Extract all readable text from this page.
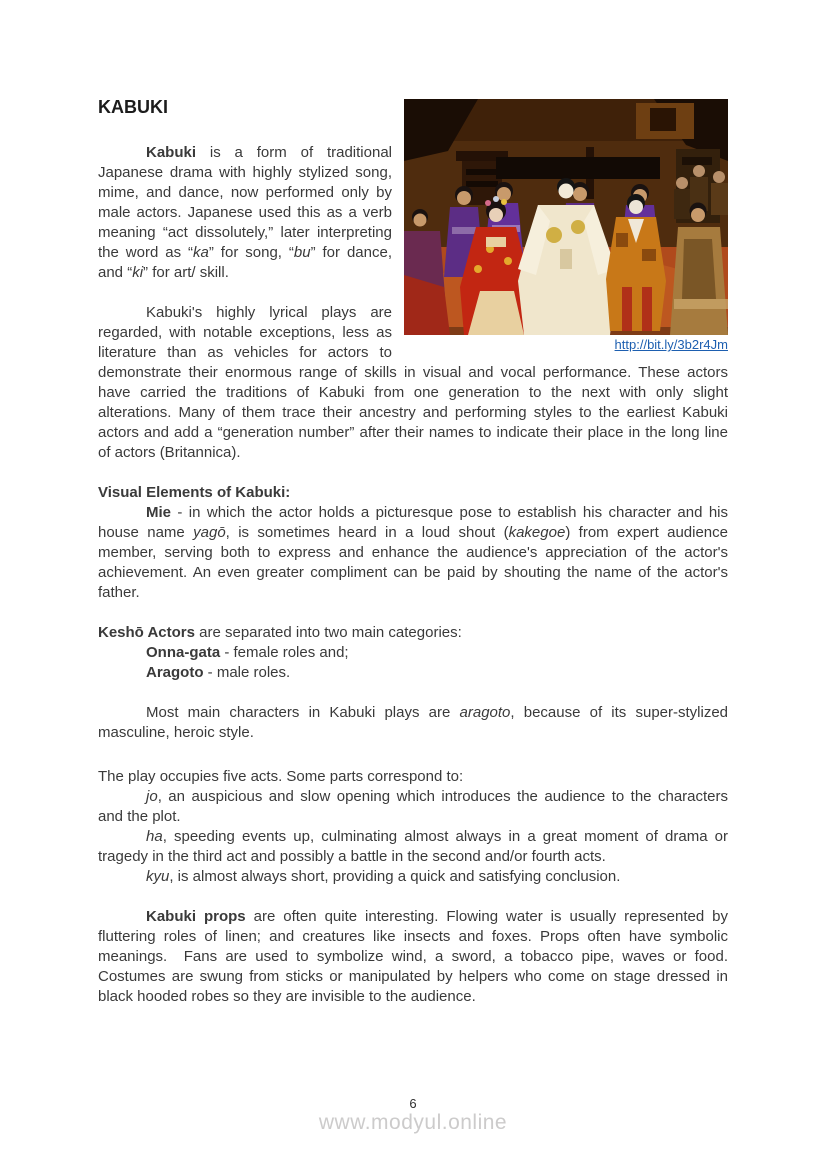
http://bit.ly/3b2r4Jm
KABUKI

Kabuki is a form of traditional Japanese drama with highly stylized song, mime, and dance, now performed only by male actors. Japanese used this as a verb meaning “act dissolutely,” later interpreting the word as “ka” for song, “bu” for dance, and “ki” for art/ skill.

Kabuki's highly lyrical plays are regarded, with notable exceptions, less as literature than as vehicles for actors to demonstrate their enormous range of skills in visual and vocal performance. These actors have carried the traditions of Kabuki from one generation to the next with only slight alterations. Many of them trace their ancestry and performing styles to the earliest Kabuki actors and add a “generation number” after their names to indicate their place in the long line of actors (Britannica).

Visual Elements of Kabuki:

Mie - in which the actor holds a picturesque pose to establish his character and his house name yagō, is sometimes heard in a loud shout (kakegoe) from expert audience member, serving both to express and enhance the audience's appreciation of the actor's achievement. An even greater compliment can be paid by shouting the name of the actor's father.

Keshō Actors are separated into two main categories:

Onna-gata - female roles and;

Aragoto - male roles.

Most main characters in Kabuki plays are aragoto, because of its super-stylized masculine, heroic style.

The play occupies five acts. Some parts correspond to:

jo, an auspicious and slow opening which introduces the audience to the characters and the plot.

ha, speeding events up, culminating almost always in a great moment of drama or tragedy in the third act and possibly a battle in the second and/or fourth acts.

kyu, is almost always short, providing a quick and satisfying conclusion.

Kabuki props are often quite interesting. Flowing water is usually represented by fluttering roles of linen; and creatures like insects and foxes. Props often have symbolic meanings.  Fans are used to symbolize wind, a sword, a tobacco pipe, waves or food. Costumes are swung from sticks or manipulated by helpers who come on stage dressed in black hooded robes so they are invisible to the audience.

6
www.modyul.online
